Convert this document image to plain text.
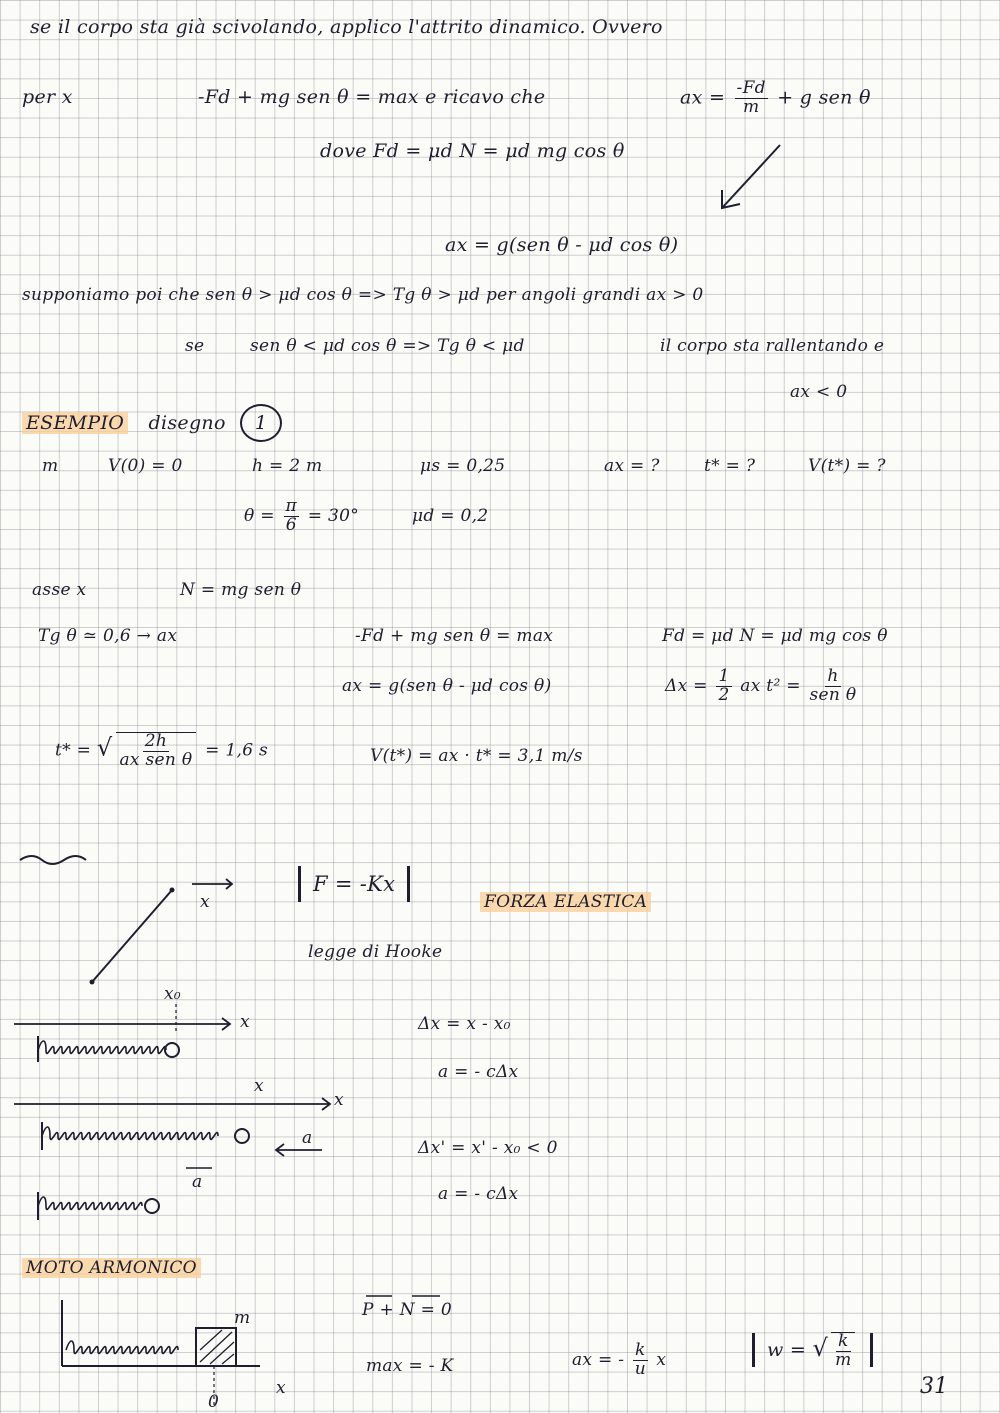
se il corpo sta già scivolando, applico l'attrito dinamico. Ovvero
per x	-Fd + mg sen θ = max e ricavo che	ax = $\frac{-Fd}{m} + g$ sen θ
dove Fd = μd N = μd mg cos θ
ax = g(sen θ - μd cos θ)
supponiamo poi che sen θ > μd cos θ => Tg θ > μd per angoli grandi ax > 0
se	sen θ < μd cos θ => Tg θ < μd	il corpo sta rallentando e
ax < 0
ESEMPIO disegno 1
m	V(0) = 0	h = 2 m	μs = 0,25	ax = ?	t* = ?	V(t*) = ?
$\theta = \frac{\pi}{6} = 30^\circ$	μd = 0,2
asse x	N = mg sen θ
Tg θ ≃ 0,6 → ax	-Fd + mg sen θ = max	Fd = μd N = μd mg cos θ
ax = g(sen θ - μd cos θ)	$\Delta x = \frac{1}{2}$ ax $t^2 = \frac{h}{\text{sen θ}}$
t* = √ $\frac{2h}{\text{ax sen θ}} = 1,6$ s	V(t*) = ax · t* = 3,1 m/s
x
F = -Kx
FORZA ELASTICA
legge di Hooke
x₀
x
x
x
Δx = x - x₀
a = - cΔx
Δx' = x' - x₀ < 0
a = - cΔx
a
a
MOTO ARMONICO
m
x
0
P + N = 0
max = - K	ax = - $\frac{k}{u}$ x	w = √ $\frac{k}{m}$
31
